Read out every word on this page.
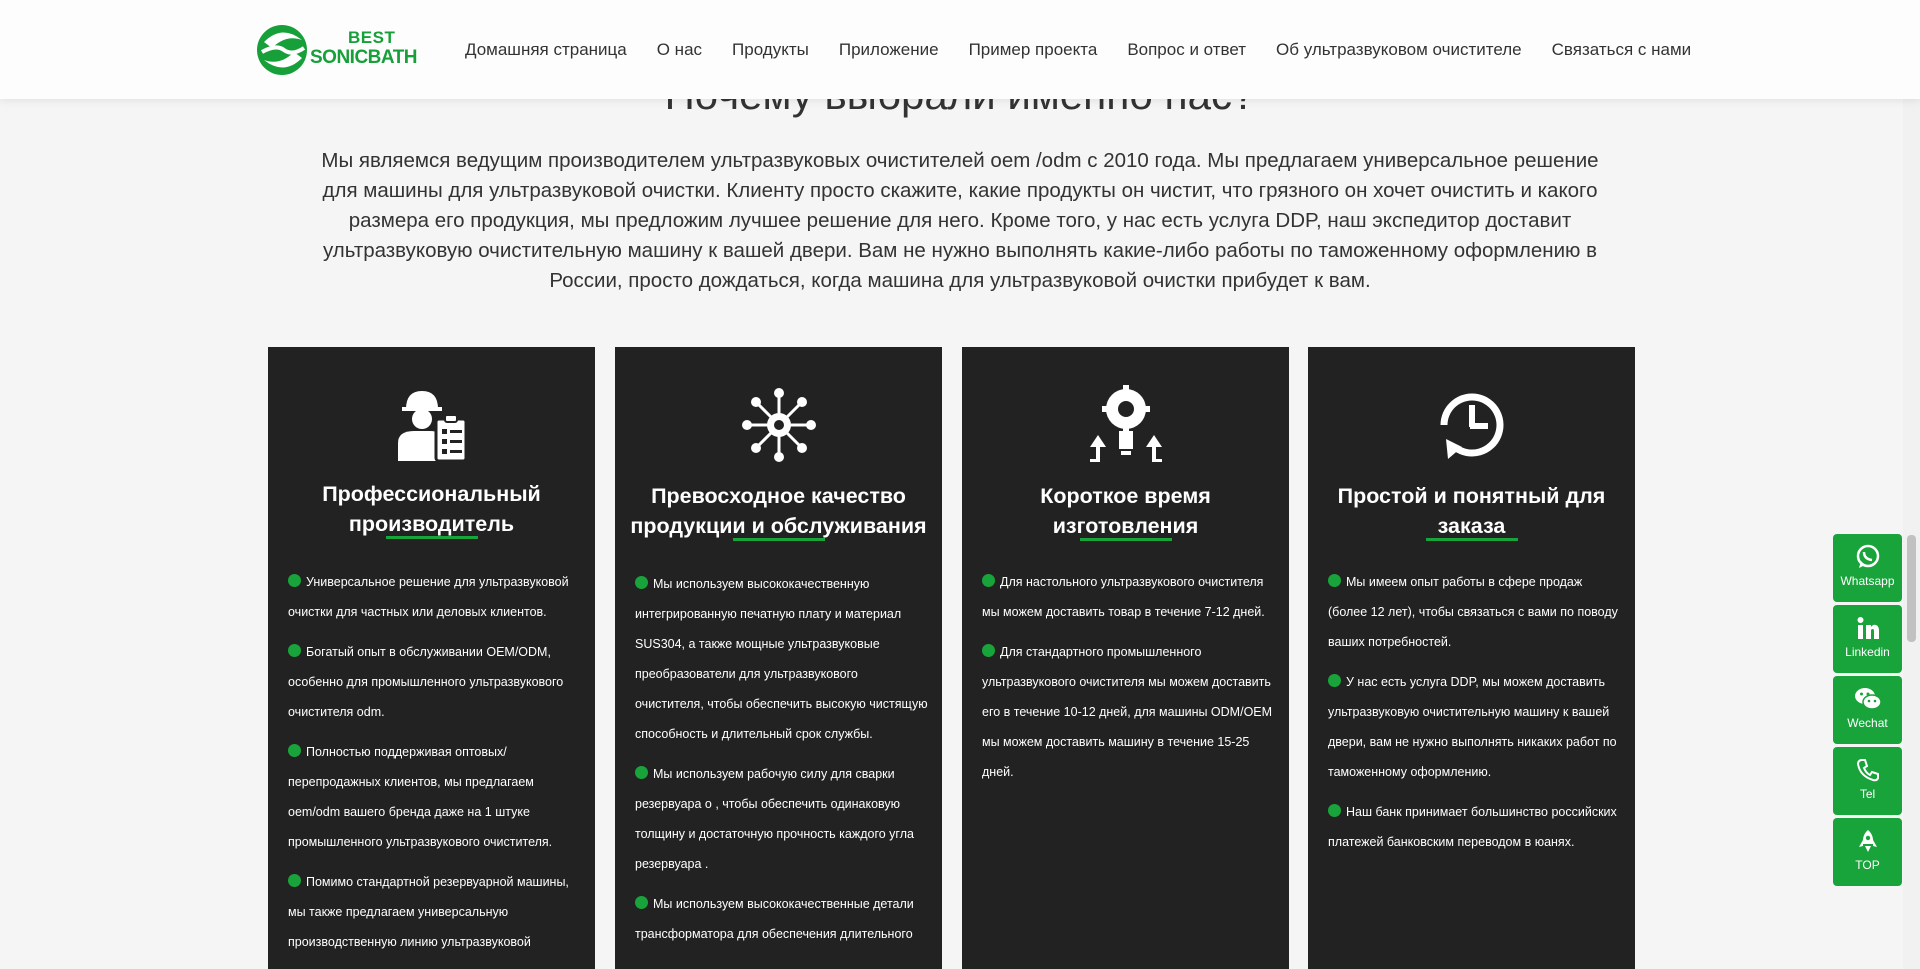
BEST
SONICBATH	Домашняя страница	О нас	Продукты	Приложение	Пример проекта	Вопрос и ответ	Об ультразвуковом очистителе	Связаться с нами

Мы являемся ведущим производителем ультразвуковых очистителей oem /odm с 2010 года. Мы предлагаем универсальное решение для машины для ультразвуковой очистки. Клиенту просто скажите, какие продукты он чистит, что грязного он хочет очистить и какого размера его продукция, мы предложим лучшее решение для него. Кроме того, у нас есть услуга DDP, наш экспедитор доставит ультразвуковую очистительную машину к вашей двери. Вам не нужно выполнять какие-либо работы по таможенному оформлению в России, просто дождаться, когда машина для ультразвуковой очистки прибудет к вам.

Профессиональный производитель
Универсальное решение для ультразвуковой очистки для частных или деловых клиентов.
Богатый опыт в обслуживании OEM/ODM, особенно для промышленного ультразвукового очистителя odm.
Полностью поддерживая оптовых/перепродажных клиентов, мы предлагаем oem/odm вашего бренда даже на 1 штуке промышленного ультразвукового очистителя.
Помимо стандартной резервуарной машины, мы также предлагаем универсальную производственную линию ультразвуковой
Превосходное качество продукции и обслуживания
Мы используем высококачественную интегрированную печатную плату и материал SUS304, а также мощные ультразвуковые преобразователи для ультразвукового очистителя, чтобы обеспечить высокую чистящую способность и длительный срок службы.
Мы используем рабочую силу для сварки резервуара о , чтобы обеспечить одинаковую толщину и достаточную прочность каждого угла резервуара .
Мы используем высококачественные детали трансформатора для обеспечения длительного
Короткое время изготовления
Для настольного ультразвукового очистителя мы можем доставить товар в течение 7-12 дней.
Для стандартного промышленного ультразвукового очистителя мы можем доставить его в течение 10-12 дней, для машины ODM/OEM мы можем доставить машину в течение 15-25 дней.
Простой и понятный для заказа
Мы имеем опыт работы в сфере продаж (более 12 лет), чтобы связаться с вами по поводу ваших потребностей.
У нас есть услуга DDP, мы можем доставить ультразвуковую очистительную машину к вашей двери, вам не нужно выполнять никаких работ по таможенному оформлению.
Наш банк принимает большинство российских платежей банковским переводом в юанях.
Whatsapp
Linkedin
Wechat
Tel
TOP
